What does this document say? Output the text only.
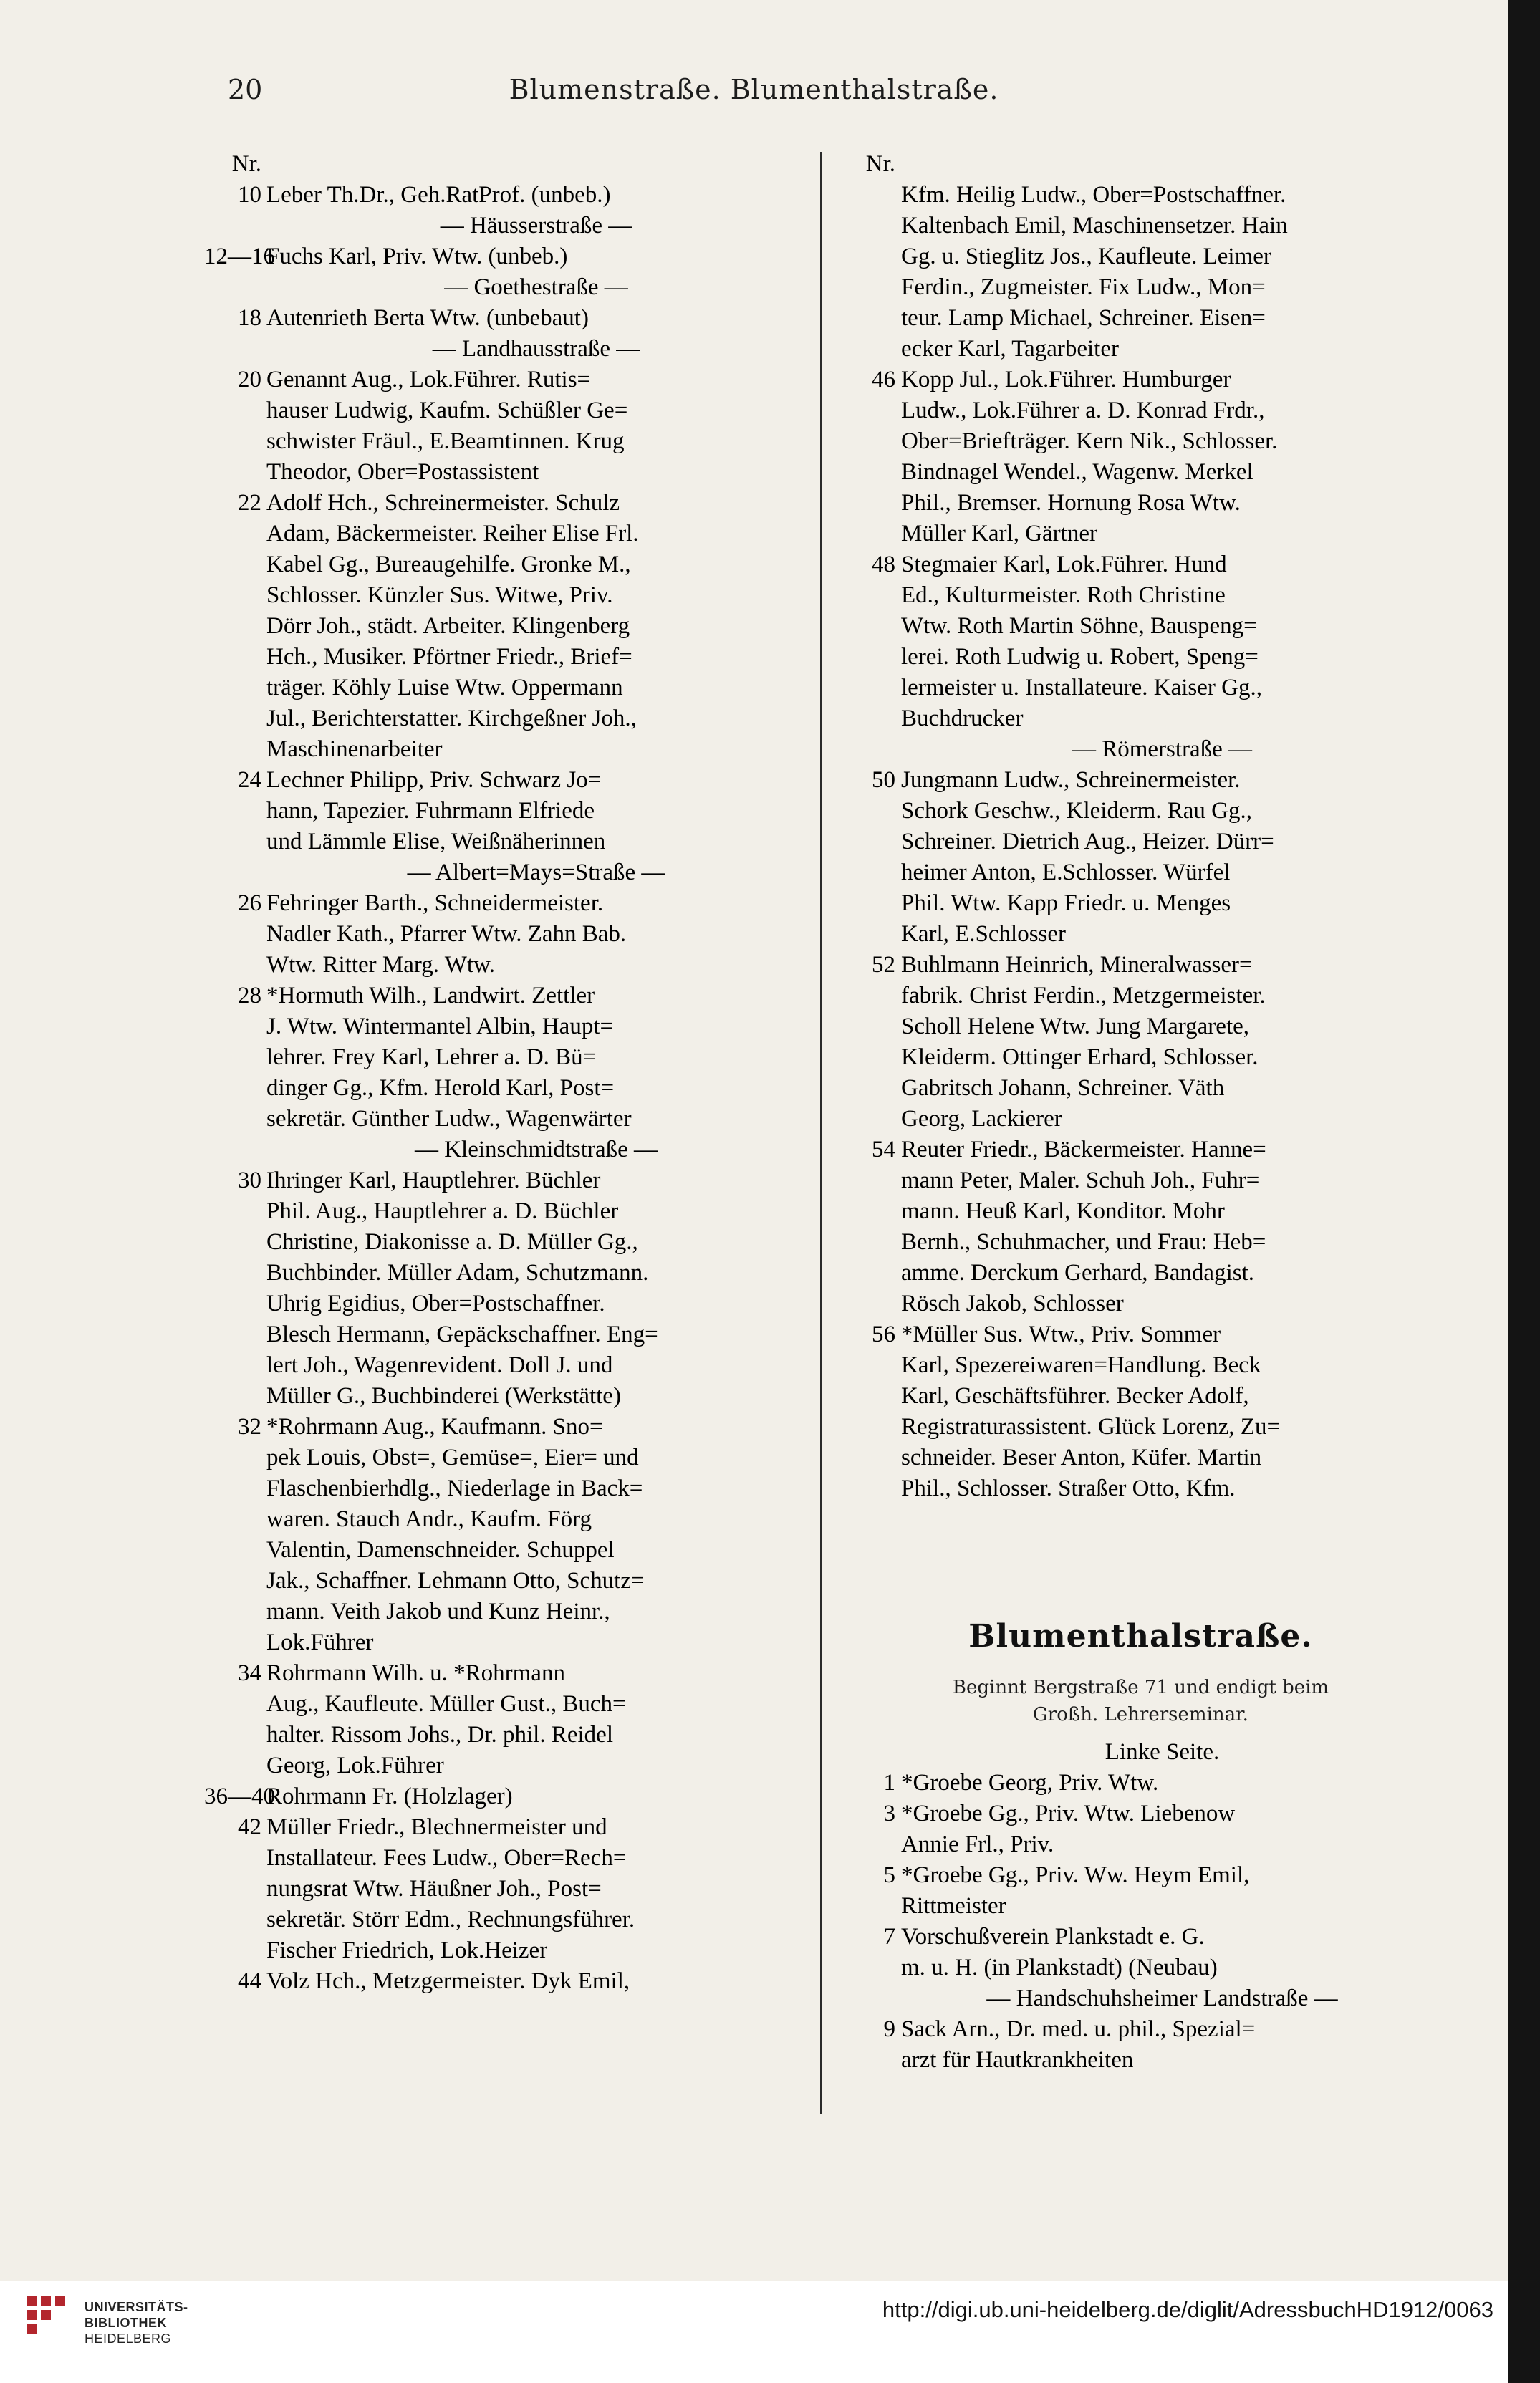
20	Blumenstraße. Blumenthalstraße.
Nr.
10 Leber Th.Dr., Geh.RatProf. (unbeb.)
— Häusserstraße —
12—16
Fuchs Karl, Priv. Wtw. (unbeb.)
— Goethestraße —
18 Autenrieth Berta Wtw. (unbebaut)
— Landhausstraße —
20 Genannt Aug., Lok.Führer. Rutis=
hauser Ludwig, Kaufm. Schüßler Ge=
schwister Fräul., E.Beamtinnen. Krug
Theodor, Ober=Postassistent
22 Adolf Hch., Schreinermeister. Schulz
Adam, Bäckermeister. Reiher Elise Frl.
Kabel Gg., Bureaugehilfe. Gronke M.,
Schlosser. Künzler Sus. Witwe, Priv.
Dörr Joh., städt. Arbeiter. Klingenberg
Hch., Musiker. Pförtner Friedr., Brief=
träger. Köhly Luise Wtw. Oppermann
Jul., Berichterstatter. Kirchgeßner Joh.,
Maschinenarbeiter
24 Lechner Philipp, Priv. Schwarz Jo=
hann, Tapezier. Fuhrmann Elfriede
und Lämmle Elise, Weißnäherinnen
— Albert=Mays=Straße —
26 Fehringer Barth., Schneidermeister.
Nadler Kath., Pfarrer Wtw. Zahn Bab.
Wtw. Ritter Marg. Wtw.
28 *Hormuth Wilh., Landwirt. Zettler
J. Wtw. Wintermantel Albin, Haupt=
lehrer. Frey Karl, Lehrer a. D. Bü=
dinger Gg., Kfm. Herold Karl, Post=
sekretär. Günther Ludw., Wagenwärter
— Kleinschmidtstraße —
30 Ihringer Karl, Hauptlehrer. Büchler
Phil. Aug., Hauptlehrer a. D. Büchler
Christine, Diakonisse a. D. Müller Gg.,
Buchbinder. Müller Adam, Schutzmann.
Uhrig Egidius, Ober=Postschaffner.
Blesch Hermann, Gepäckschaffner. Eng=
lert Joh., Wagenrevident. Doll J. und
Müller G., Buchbinderei (Werkstätte)
32 *Rohrmann Aug., Kaufmann. Sno=
pek Louis, Obst=, Gemüse=, Eier= und
Flaschenbierhdlg., Niederlage in Back=
waren. Stauch Andr., Kaufm. Förg
Valentin, Damenschneider. Schuppel
Jak., Schaffner. Lehmann Otto, Schutz=
mann. Veith Jakob und Kunz Heinr.,
Lok.Führer
34 Rohrmann Wilh. u. *Rohrmann
Aug., Kaufleute. Müller Gust., Buch=
halter. Rissom Johs., Dr. phil. Reidel
Georg, Lok.Führer
36—40
Rohrmann Fr. (Holzlager)
42 Müller Friedr., Blechnermeister und
Installateur. Fees Ludw., Ober=Rech=
nungsrat Wtw. Häußner Joh., Post=
sekretär. Störr Edm., Rechnungsführer.
Fischer Friedrich, Lok.Heizer
44 Volz Hch., Metzgermeister. Dyk Emil,
Nr.
Kfm. Heilig Ludw., Ober=Postschaffner.
Kaltenbach Emil, Maschinensetzer. Hain
Gg. u. Stieglitz Jos., Kaufleute. Leimer
Ferdin., Zugmeister. Fix Ludw., Mon=
teur. Lamp Michael, Schreiner. Eisen=
ecker Karl, Tagarbeiter
46 Kopp Jul., Lok.Führer. Humburger
Ludw., Lok.Führer a. D. Konrad Frdr.,
Ober=Briefträger. Kern Nik., Schlosser.
Bindnagel Wendel., Wagenw. Merkel
Phil., Bremser. Hornung Rosa Wtw.
Müller Karl, Gärtner
48 Stegmaier Karl, Lok.Führer. Hund
Ed., Kulturmeister. Roth Christine
Wtw. Roth Martin Söhne, Bauspeng=
lerei. Roth Ludwig u. Robert, Speng=
lermeister u. Installateure. Kaiser Gg.,
Buchdrucker
— Römerstraße —
50 Jungmann Ludw., Schreinermeister.
Schork Geschw., Kleiderm. Rau Gg.,
Schreiner. Dietrich Aug., Heizer. Dürr=
heimer Anton, E.Schlosser. Würfel
Phil. Wtw. Kapp Friedr. u. Menges
Karl, E.Schlosser
52 Buhlmann Heinrich, Mineralwasser=
fabrik. Christ Ferdin., Metzgermeister.
Scholl Helene Wtw. Jung Margarete,
Kleiderm. Ottinger Erhard, Schlosser.
Gabritsch Johann, Schreiner. Väth
Georg, Lackierer
54 Reuter Friedr., Bäckermeister. Hanne=
mann Peter, Maler. Schuh Joh., Fuhr=
mann. Heuß Karl, Konditor. Mohr
Bernh., Schuhmacher, und Frau: Heb=
amme. Derckum Gerhard, Bandagist.
Rösch Jakob, Schlosser
56 *Müller Sus. Wtw., Priv. Sommer
Karl, Spezereiwaren=Handlung. Beck
Karl, Geschäftsführer. Becker Adolf,
Registraturassistent. Glück Lorenz, Zu=
schneider. Beser Anton, Küfer. Martin
Phil., Schlosser. Straßer Otto, Kfm.
Blumenthalstraße.
Beginnt Bergstraße 71 und endigt beim
Großh. Lehrerseminar.
Linke Seite.
1 *Groebe Georg, Priv. Wtw.
3 *Groebe Gg., Priv. Wtw. Liebenow
Annie Frl., Priv.
5 *Groebe Gg., Priv. Ww. Heym Emil,
Rittmeister
7 Vorschußverein Plankstadt e. G.
m. u. H. (in Plankstadt) (Neubau)
— Handschuhsheimer Landstraße —
9 Sack Arn., Dr. med. u. phil., Spezial=
arzt für Hautkrankheiten
UNIVERSITÄTS-
BIBLIOTHEK
HEIDELBERG
http://digi.ub.uni-heidelberg.de/diglit/AdressbuchHD1912/0063
